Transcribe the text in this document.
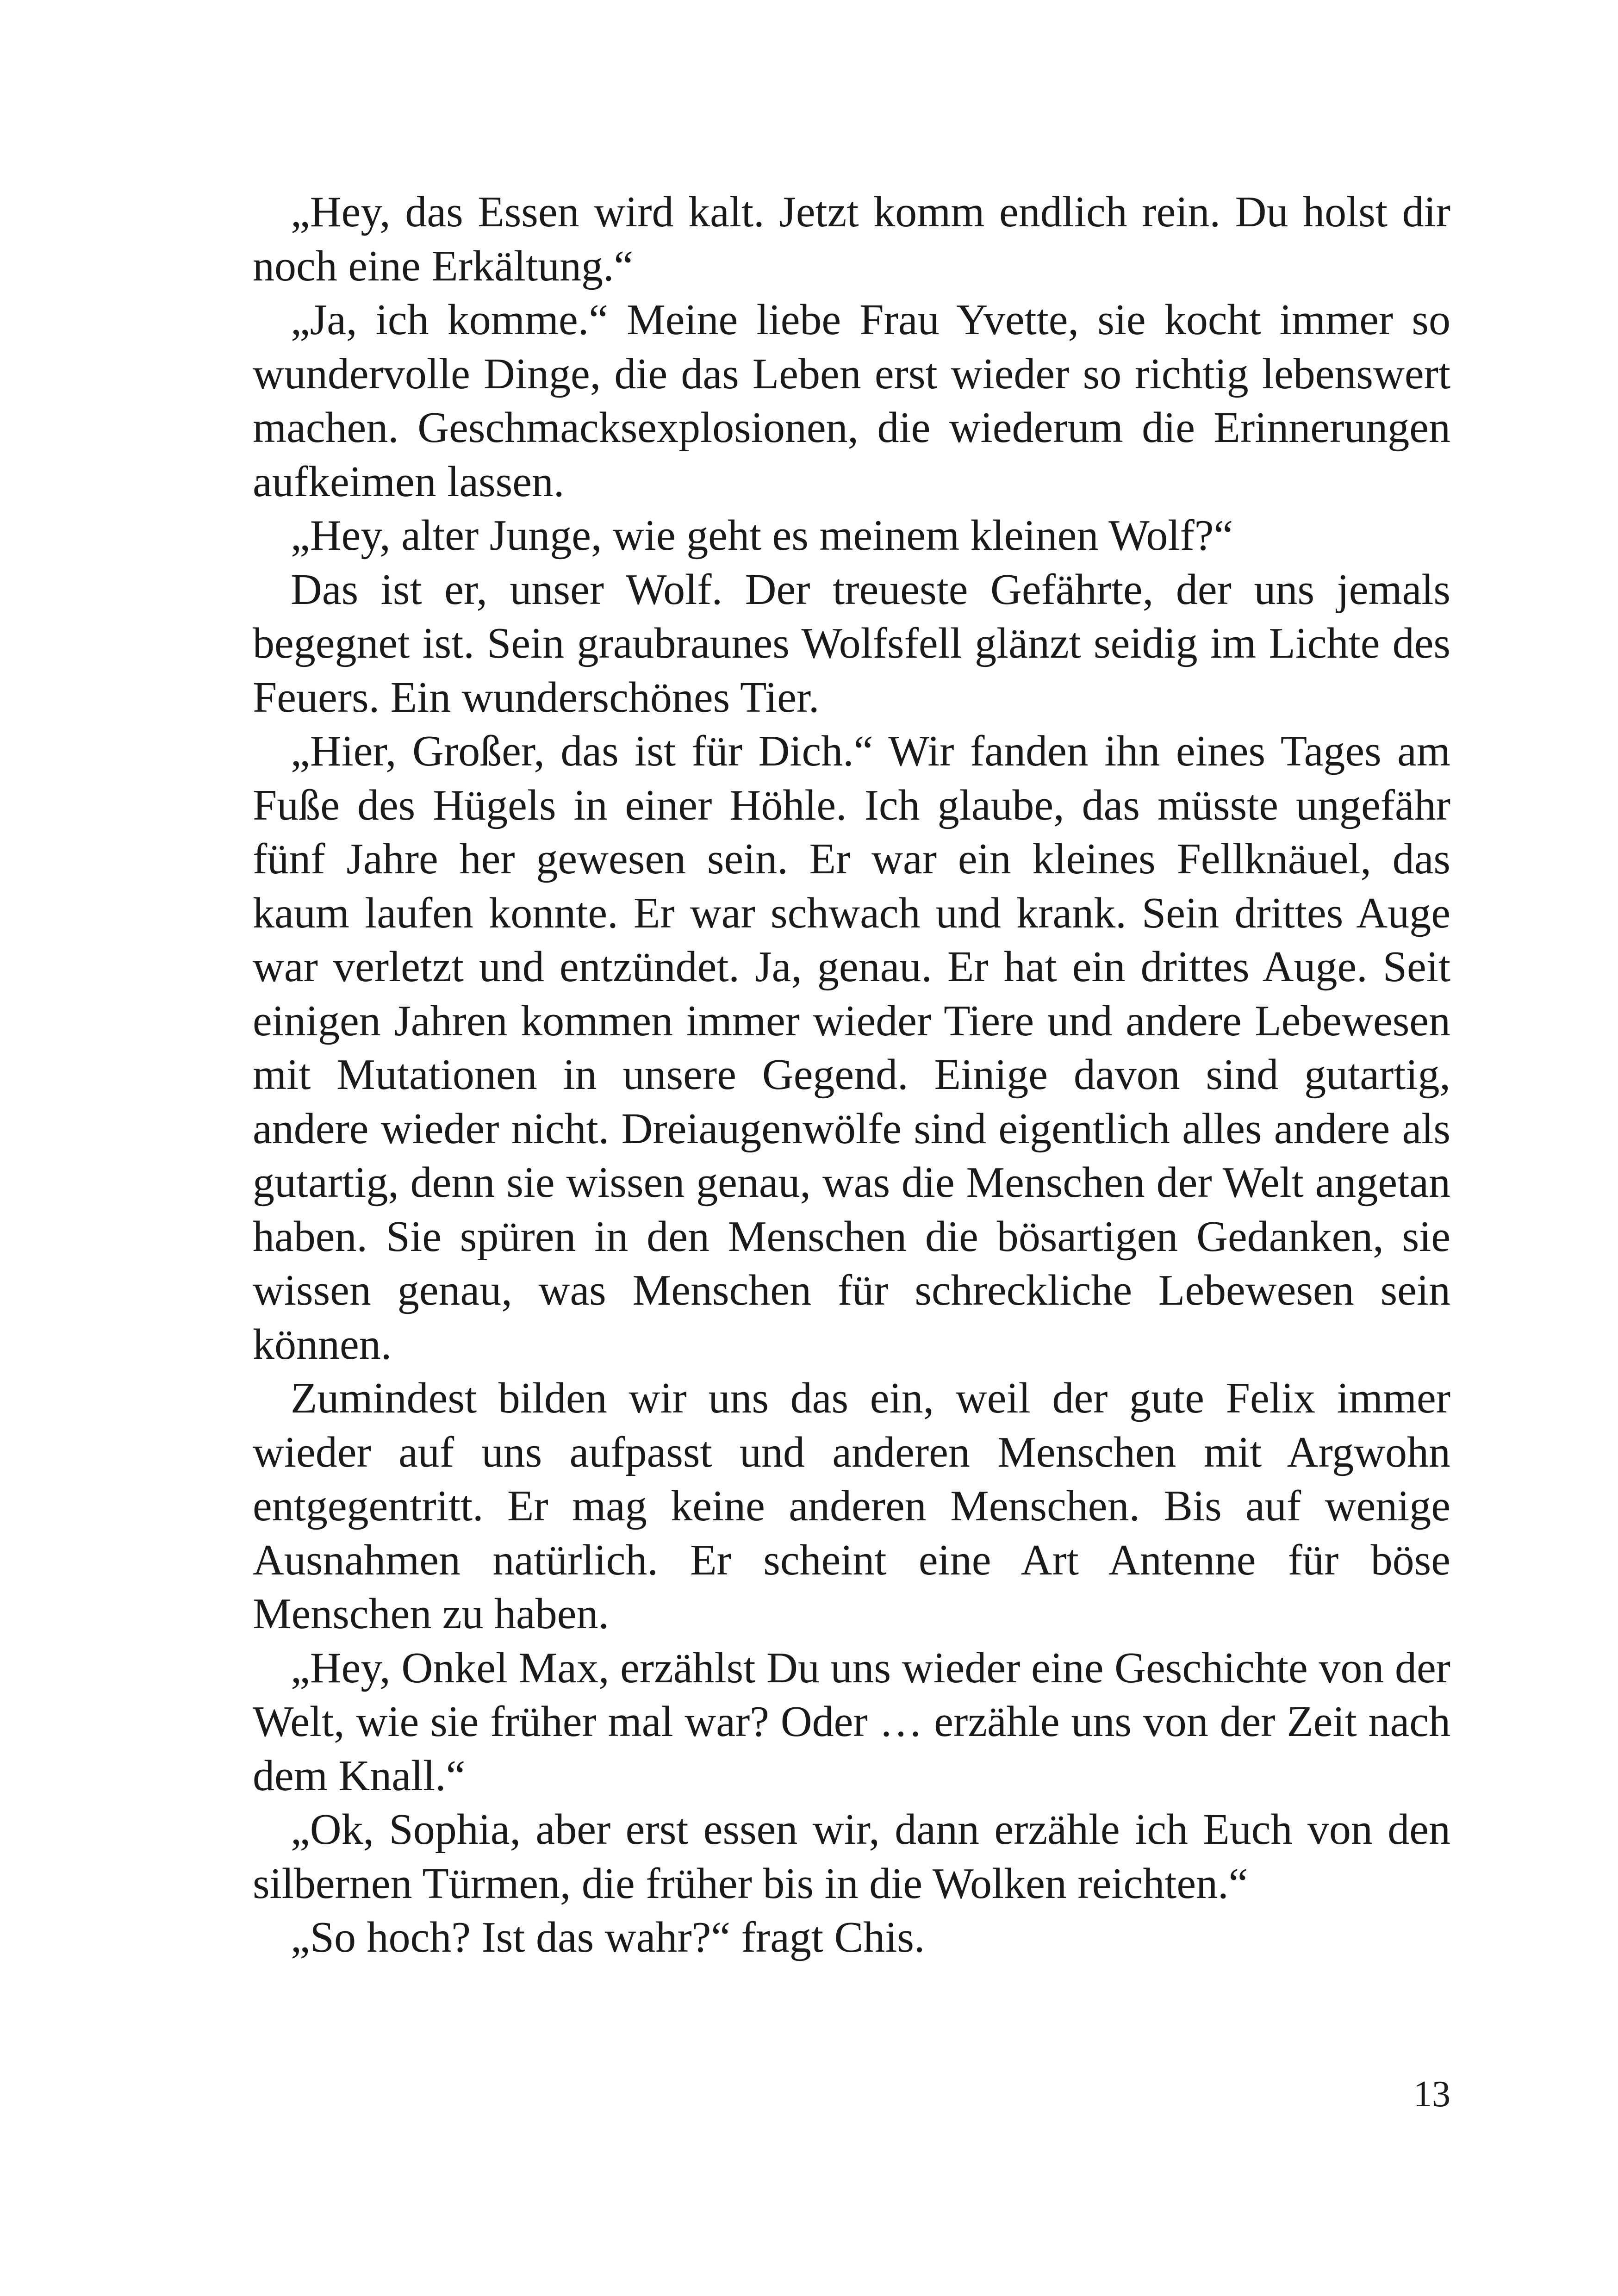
„Hey, das Essen wird kalt. Jetzt komm endlich rein. Du holst dir noch eine Erkältung.“

„Ja, ich komme.“ Meine liebe Frau Yvette, sie kocht immer so wundervolle Dinge, die das Leben erst wieder so richtig lebenswert machen. Geschmacksexplosionen, die wiederum die Erinnerungen aufkeimen lassen.

„Hey, alter Junge, wie geht es meinem kleinen Wolf?“

Das ist er, unser Wolf. Der treueste Gefährte, der uns jemals begegnet ist. Sein graubraunes Wolfsfell glänzt seidig im Lichte des Feuers. Ein wunderschönes Tier.

„Hier, Großer, das ist für Dich.“ Wir fanden ihn eines Tages am Fuße des Hügels in einer Höhle. Ich glaube, das müsste ungefähr fünf Jahre her gewesen sein. Er war ein kleines Fellknäuel, das kaum laufen konnte. Er war schwach und krank. Sein drittes Auge war verletzt und entzündet. Ja, genau. Er hat ein drittes Auge. Seit einigen Jahren kommen immer wieder Tiere und andere Lebewesen mit Mutationen in unsere Gegend. Einige davon sind gutartig, andere wieder nicht. Dreiaugenwölfe sind eigentlich alles andere als gutartig, denn sie wissen genau, was die Menschen der Welt angetan haben. Sie spüren in den Menschen die bösartigen Gedanken, sie wissen genau, was Menschen für schreckliche Lebewesen sein können.

Zumindest bilden wir uns das ein, weil der gute Felix immer wieder auf uns aufpasst und anderen Menschen mit Argwohn entgegentritt. Er mag keine anderen Menschen. Bis auf wenige Ausnahmen natürlich. Er scheint eine Art Antenne für böse Menschen zu haben.

„Hey, Onkel Max, erzählst Du uns wieder eine Geschichte von der Welt, wie sie früher mal war? Oder … erzähle uns von der Zeit nach dem Knall.“

„Ok, Sophia, aber erst essen wir, dann erzähle ich Euch von den silbernen Türmen, die früher bis in die Wolken reichten.“

„So hoch? Ist das wahr?“ fragt Chis.

13
